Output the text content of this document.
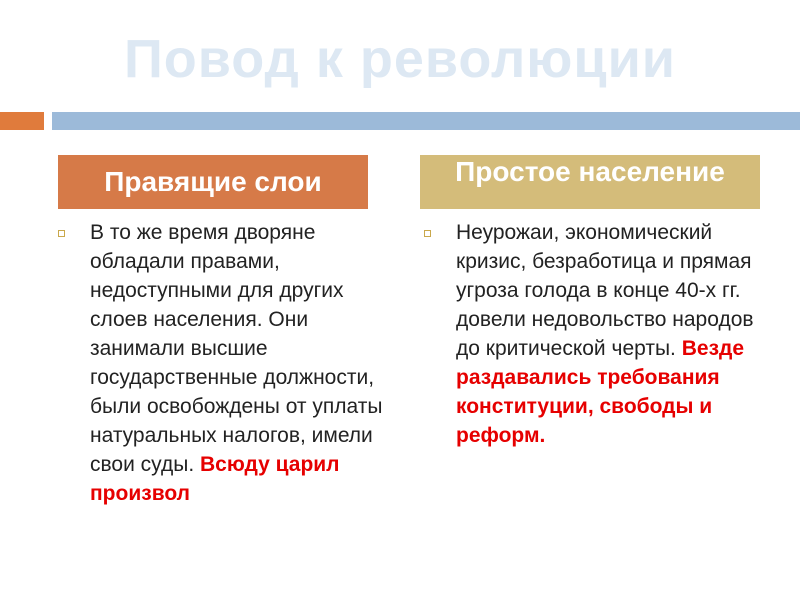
Повод к революции
Правящие слои	Простое население
В то же время дворяне обладали правами, недоступными для других слоев населения. Они занимали высшие государственные должности, были освобождены от уплаты натуральных налогов, имели свои суды. Всюду царил произвол
Неурожаи, экономический кризис, безработица и прямая угроза голода в конце 40-х гг. довели недовольство народов до критической черты. Везде раздавались требования конституции, свободы и реформ.
